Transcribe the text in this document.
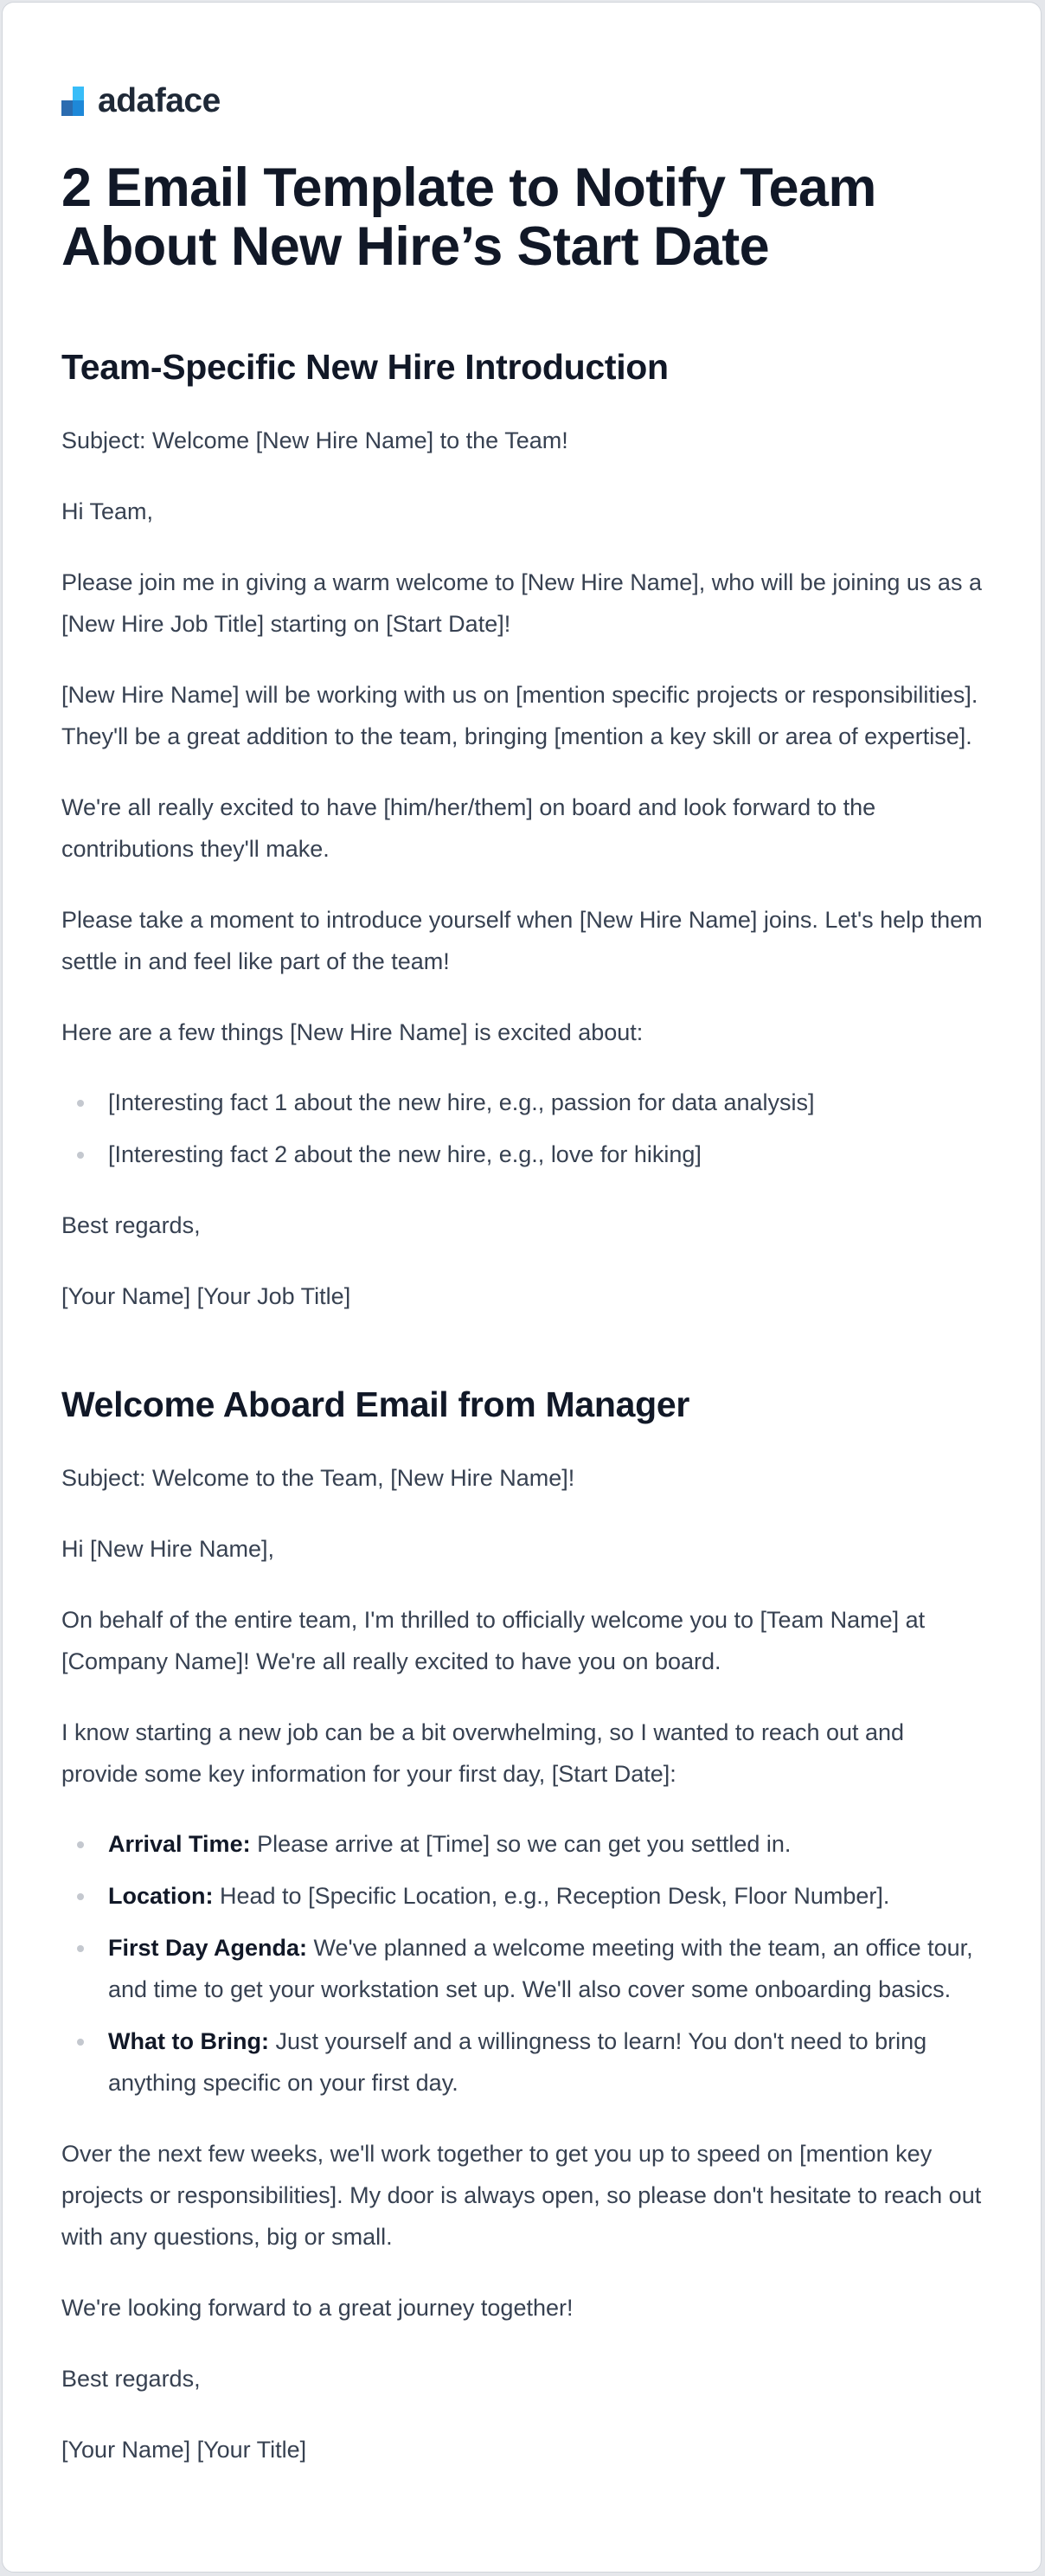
adaface
2 Email Template to Notify Team About New Hire’s Start Date
Team-Specific New Hire Introduction

Subject: Welcome [New Hire Name] to the Team!

Hi Team,

Please join me in giving a warm welcome to [New Hire Name], who will be joining us as a [New Hire Job Title] starting on [Start Date]!

[New Hire Name] will be working with us on [mention specific projects or responsibilities]. They'll be a great addition to the team, bringing [mention a key skill or area of expertise].

We're all really excited to have [him/her/them] on board and look forward to the contributions they'll make.

Please take a moment to introduce yourself when [New Hire Name] joins. Let's help them settle in and feel like part of the team!

Here are a few things [New Hire Name] is excited about:

[Interesting fact 1 about the new hire, e.g., passion for data analysis]
[Interesting fact 2 about the new hire, e.g., love for hiking]

Best regards,

[Your Name] [Your Job Title]

Welcome Aboard Email from Manager

Subject: Welcome to the Team, [New Hire Name]!

Hi [New Hire Name],

On behalf of the entire team, I'm thrilled to officially welcome you to [Team Name] at [Company Name]! We're all really excited to have you on board.

I know starting a new job can be a bit overwhelming, so I wanted to reach out and provide some key information for your first day, [Start Date]:

Arrival Time: Please arrive at [Time] so we can get you settled in.
Location: Head to [Specific Location, e.g., Reception Desk, Floor Number].
First Day Agenda: We've planned a welcome meeting with the team, an office tour, and time to get your workstation set up. We'll also cover some onboarding basics.
What to Bring: Just yourself and a willingness to learn! You don't need to bring anything specific on your first day.

Over the next few weeks, we'll work together to get you up to speed on [mention key projects or responsibilities]. My door is always open, so please don't hesitate to reach out with any questions, big or small.

We're looking forward to a great journey together!

Best regards,

[Your Name] [Your Title]
